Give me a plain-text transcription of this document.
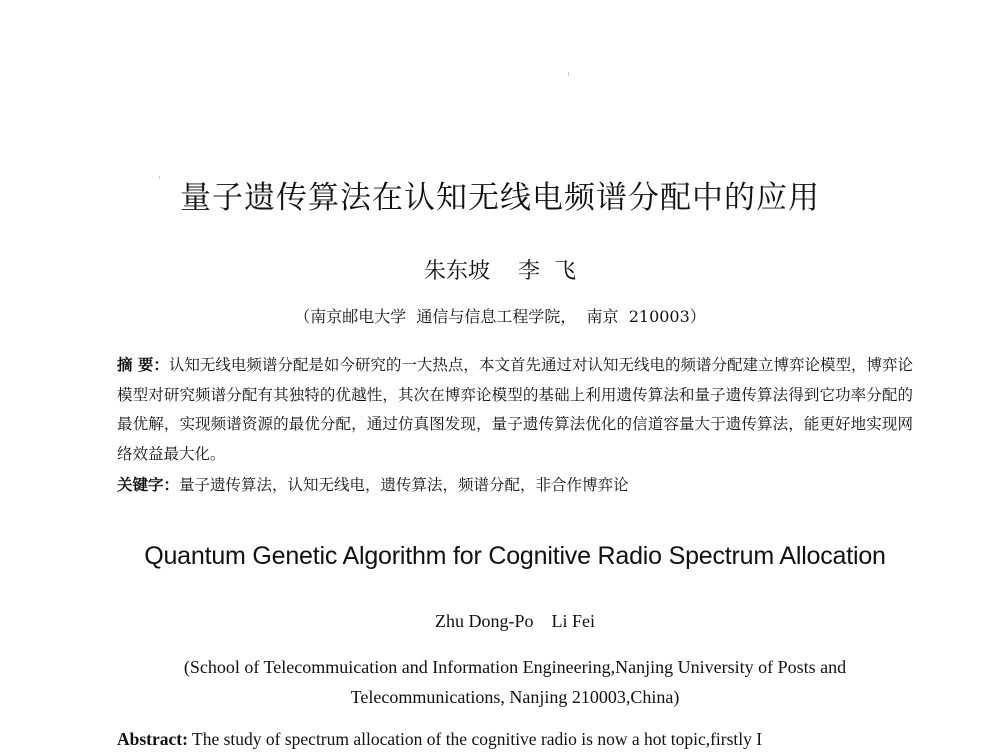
量子遗传算法在认知无线电频谱分配中的应用
朱东坡    李  飞
（南京邮电大学  通信与信息工程学院，  南京  210003）
摘 要：认知无线电频谱分配是如今研究的一大热点，本文首先通过对认知无线电的频谱分配建立博弈论模型，博弈论模型对研究频谱分配有其独特的优越性，其次在博弈论模型的基础上利用遗传算法和量子遗传算法得到它功率分配的最优解，实现频谱资源的最优分配，通过仿真图发现，量子遗传算法优化的信道容量大于遗传算法，能更好地实现网络效益最大化。
关键字：量子遗传算法，认知无线电，遗传算法，频谱分配，非合作博弈论
Quantum Genetic Algorithm for Cognitive Radio Spectrum Allocation
Zhu Dong-Po    Li Fei
(School of Telecommuication and Information Engineering,Nanjing University of Posts and Telecommunications, Nanjing 210003,China)
Abstract: The study of spectrum allocation of the cognitive radio is now a hot topic,firstly I
